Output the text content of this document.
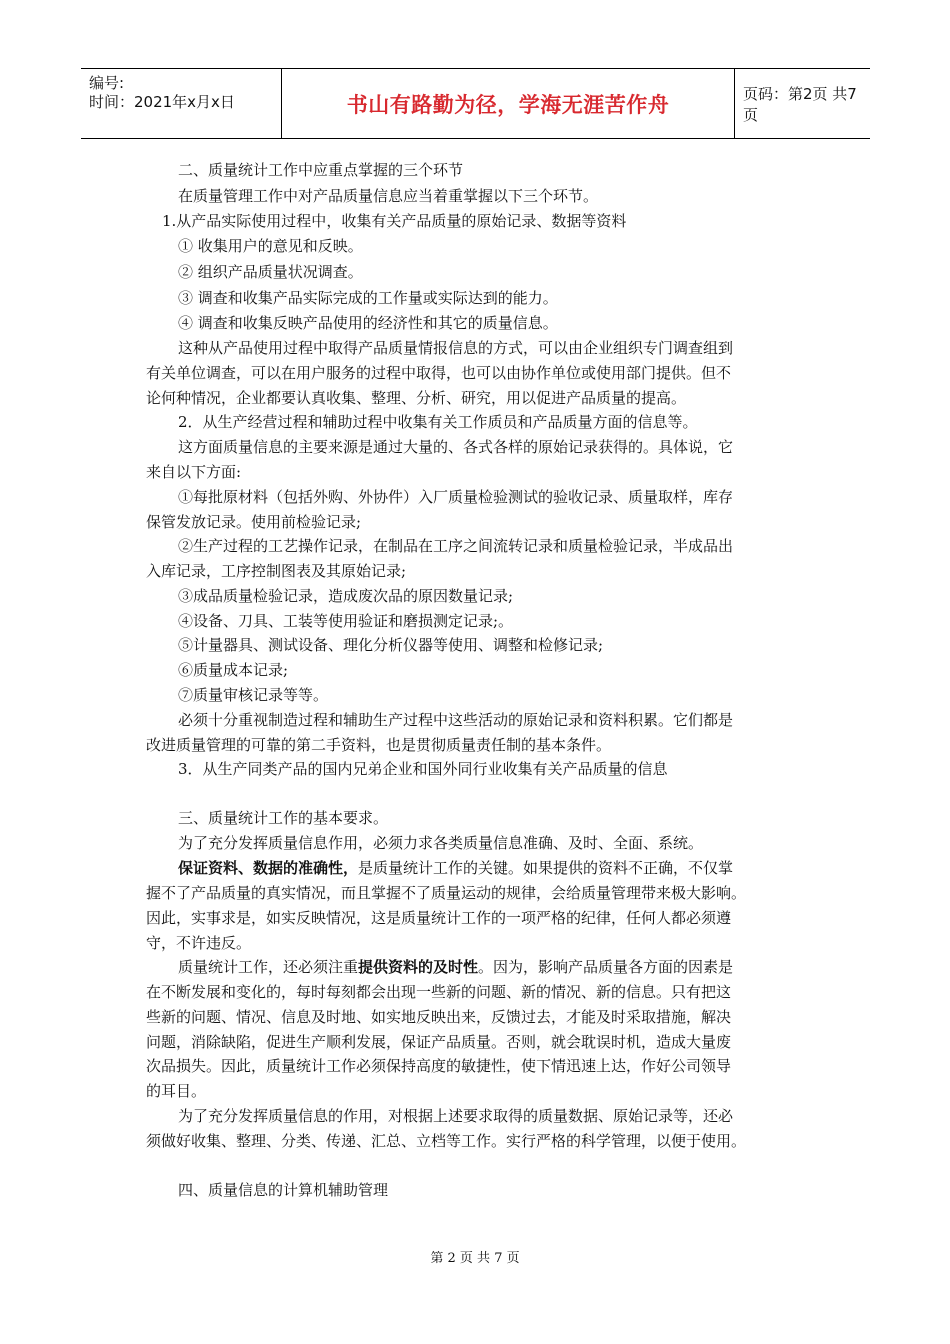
编号:
时间：2021年x月x日	书山有路勤为径，学海无涯苦作舟	页码：第2页 共7页
二、质量统计工作中应重点掌握的三个环节
在质量管理工作中对产品质量信息应当着重掌握以下三个环节。
1.从产品实际使用过程中，收集有关产品质量的原始记录、数据等资料
① 收集用户的意见和反映。
② 组织产品质量状况调查。
③ 调查和收集产品实际完成的工作量或实际达到的能力。
④ 调查和收集反映产品使用的经济性和其它的质量信息。
这种从产品使用过程中取得产品质量情报信息的方式，可以由企业组织专门调查组到
有关单位调查，可以在用户服务的过程中取得，也可以由协作单位或使用部门提供。但不
论何种情况，企业都要认真收集、整理、分析、研究，用以促进产品质量的提高。
2．从生产经营过程和辅助过程中收集有关工作质员和产品质量方面的信息等。
这方面质量信息的主要来源是通过大量的、各式各样的原始记录获得的。具体说，它
来自以下方面:
①每批原材料（包括外购、外协件）入厂质量检验测试的验收记录、质量取样，库存
保管发放记录。使用前检验记录;
②生产过程的工艺操作记录，在制品在工序之间流转记录和质量检验记录，半成品出
入库记录，工序控制图表及其原始记录;
③成品质量检验记录，造成废次品的原因数量记录;
④设备、刀具、工装等使用验证和磨损测定记录;。
⑤计量器具、测试设备、理化分析仪器等使用、调整和检修记录;
⑥质量成本记录;
⑦质量审核记录等等。
必须十分重视制造过程和辅助生产过程中这些活动的原始记录和资料积累。它们都是
改进质量管理的可靠的第二手资料，也是贯彻质量责任制的基本条件。
3．从生产同类产品的国内兄弟企业和国外同行业收集有关产品质量的信息
三、质量统计工作的基本要求。
为了充分发挥质量信息作用，必须力求各类质量信息准确、及时、全面、系统。
保证资料、数据的准确性，是质量统计工作的关键。如果提供的资料不正确，不仅掌
握不了产品质量的真实情况，而且掌握不了质量运动的规律，会给质量管理带来极大影响。
因此，实事求是，如实反映情况，这是质量统计工作的一项严格的纪律，任何人都必须遵
守，不许违反。
质量统计工作，还必须注重提供资料的及时性。因为，影响产品质量各方面的因素是
在不断发展和变化的，每时每刻都会出现一些新的问题、新的情况、新的信息。只有把这
些新的问题、情况、信息及时地、如实地反映出来，反馈过去，才能及时采取措施，解决
问题，消除缺陷，促进生产顺利发展，保证产品质量。否则，就会耽误时机，造成大量废
次品损失。因此，质量统计工作必须保持高度的敏捷性，使下情迅速上达，作好公司领导
的耳目。
为了充分发挥质量信息的作用，对根据上述要求取得的质量数据、原始记录等，还必
须做好收集、整理、分类、传递、汇总、立档等工作。实行严格的科学管理，以便于使用。
四、质量信息的计算机辅助管理
第 2 页 共 7 页
